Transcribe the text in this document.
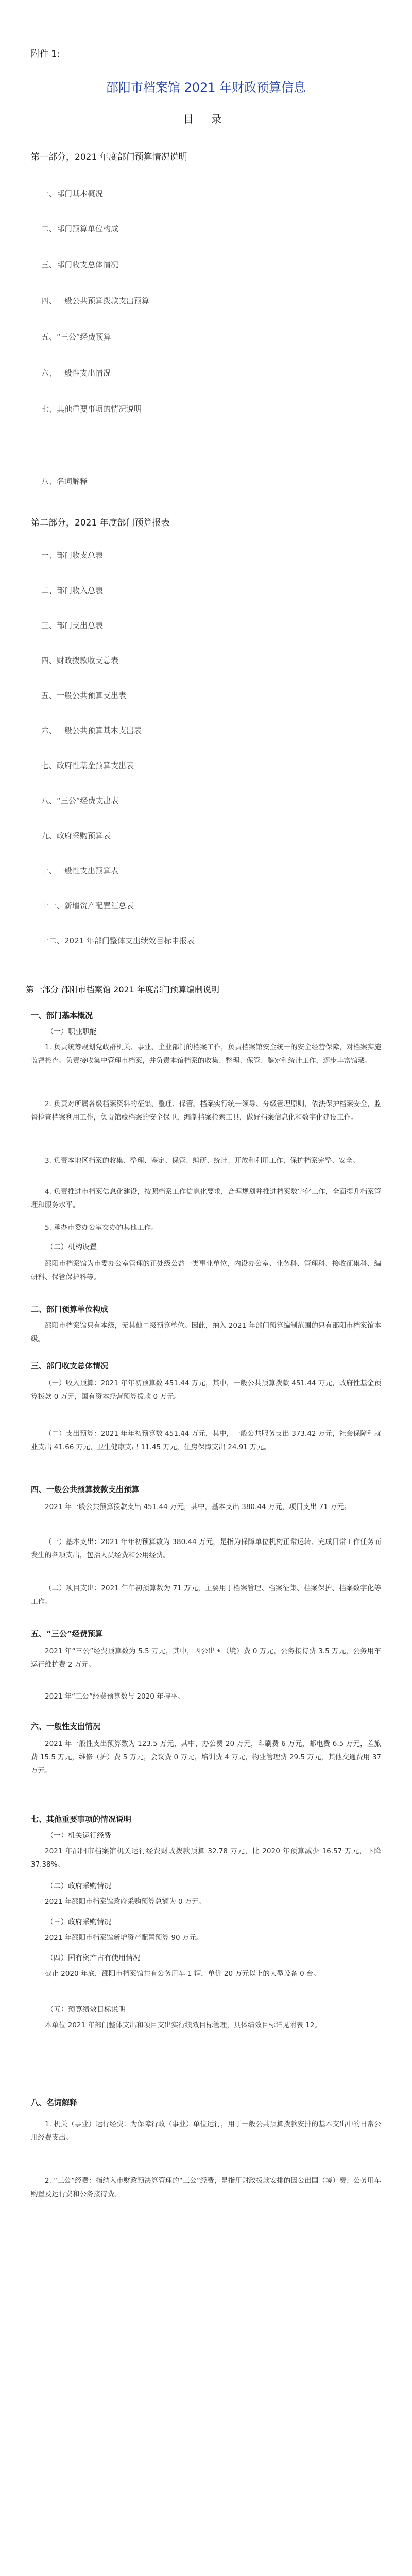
附件 1:
邵阳市档案馆 2021 年财政预算信息
目 录
第一部分，2021 年度部门预算情况说明
一、部门基本概况
二、部门预算单位构成
三、部门收支总体情况
四、一般公共预算拨款支出预算
五、“三公”经费预算
六、一般性支出情况
七、其他重要事项的情况说明
八、名词解释
第二部分，2021 年度部门预算报表
一、部门收支总表
二、部门收入总表
三、部门支出总表
四、财政拨款收支总表
五、一般公共预算支出表
六、一般公共预算基本支出表
七、政府性基金预算支出表
八、“三公”经费支出表
九、政府采购预算表
十、一般性支出预算表
十一、新增资产配置汇总表
十二、2021 年部门整体支出绩效目标申报表
第一部分 邵阳市档案馆 2021 年度部门预算编制说明
一、部门基本概况
（一）职业职能
1. 负责统筹规划党政群机关、事业、企业部门的档案工作，负责档案馆安全统一的安全经营保障，对档案实施监督检查。负责接收集中管理市档案，并负责本馆档案的收集、整理、保管、鉴定和统计工作，逐步丰富馆藏。
2. 负责对所属各级档案资料的征集、整理、保管。档案实行统一领导、分级管理原则，依法保护档案安全，监督检查档案利用工作，负责馆藏档案的安全保卫，编制档案检索工具，做好档案信息化和数字化建设工作。
3. 负责本地区档案的收集、整理、鉴定、保管、编研、统计、开放和利用工作，保护档案完整、安全。
4. 负责推进市档案信息化建设，按照档案工作信息化要求，合理规划并推进档案数字化工作，全面提升档案管理和服务水平。
5. 承办市委办公室交办的其他工作。
（二）机构设置
邵阳市档案馆为市委办公室管理的正处级公益一类事业单位，内设办公室、业务科、管理科、接收征集科、编研科、保管保护科等。
二、部门预算单位构成
邵阳市档案馆只有本级，无其他二级预算单位。因此，纳入 2021 年部门预算编制范围的只有邵阳市档案馆本级。
三、部门收支总体情况
（一）收入预算：2021 年年初预算数 451.44 万元，其中，一般公共预算拨款 451.44 万元，政府性基金预算拨款 0 万元，国有资本经营预算拨款 0 万元。
（二）支出预算：2021 年年初预算数 451.44 万元，其中，一般公共服务支出 373.42 万元，社会保障和就业支出 41.66 万元，卫生健康支出 11.45 万元，住房保障支出 24.91 万元。
四、一般公共预算拨款支出预算
2021 年一般公共预算拨款支出 451.44 万元，其中，基本支出 380.44 万元，项目支出 71 万元。
（一）基本支出：2021 年年初预算数为 380.44 万元，是指为保障单位机构正常运转、完成日常工作任务而发生的各项支出，包括人员经费和公用经费。
（二）项目支出：2021 年年初预算数为 71 万元，主要用于档案管理、档案征集、档案保护、档案数字化等工作。
五、“三公”经费预算
2021 年“三公”经费预算数为 5.5 万元，其中，因公出国（境）费 0 万元，公务接待费 3.5 万元，公务用车运行维护费 2 万元。
2021 年“三公”经费预算数与 2020 年持平。
六、一般性支出情况
2021 年一般性支出预算数为 123.5 万元，其中，办公费 20 万元，印刷费 6 万元，邮电费 6.5 万元，差旅费 15.5 万元，维修（护）费 5 万元，会议费 0 万元，培训费 4 万元，物业管理费 29.5 万元，其他交通费用 37 万元。
七、其他重要事项的情况说明
（一）机关运行经费
2021 年邵阳市档案馆机关运行经费财政拨款预算 32.78 万元，比 2020 年预算减少 16.57 万元，下降 37.38%。
（二）政府采购情况
2021 年邵阳市档案馆政府采购预算总额为 0 万元。
（三）政府采购情况
2021 年邵阳市档案馆新增资产配置预算 90 万元。
（四）国有资产占有使用情况
截止 2020 年底，邵阳市档案馆共有公务用车 1 辆，单价 20 万元以上的大型设备 0 台。
（五）预算绩效目标说明
本单位 2021 年部门整体支出和项目支出实行绩效目标管理，具体绩效目标详见附表 12。
八、名词解释
1. 机关（事业）运行经费：为保障行政（事业）单位运行，用于一般公共预算拨款安排的基本支出中的日常公用经费支出。
2. “三公”经费：指纳入市财政预决算管理的“三公”经费，是指用财政拨款安排的因公出国（境）费、公务用车购置及运行费和公务接待费。
